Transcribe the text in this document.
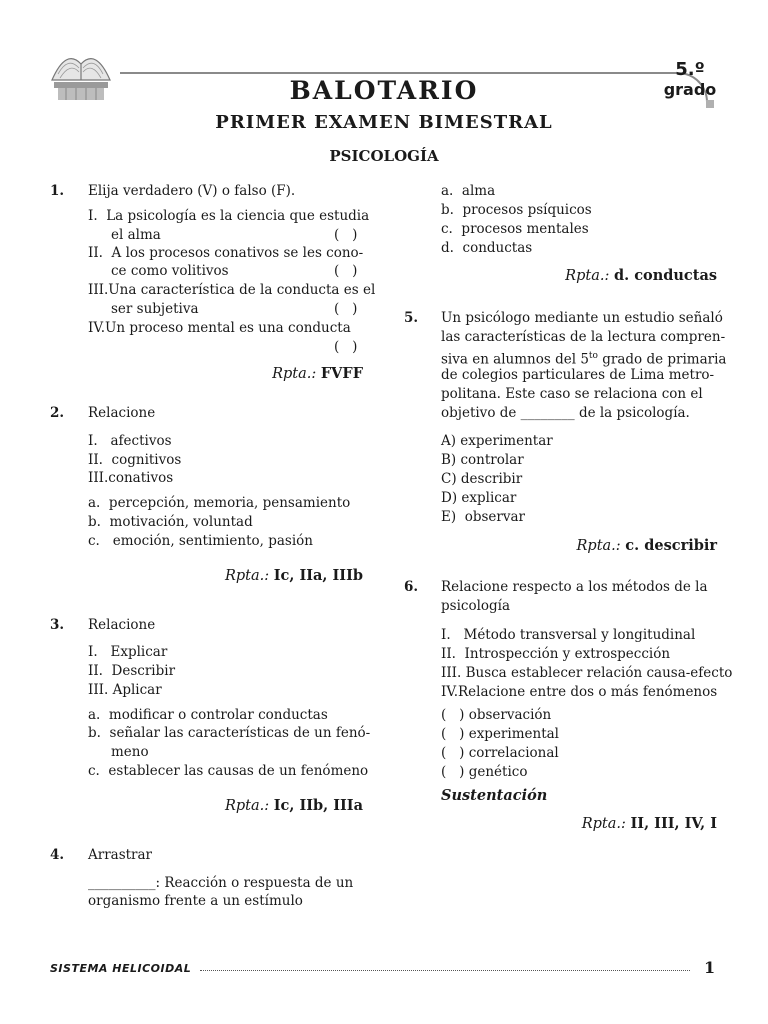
5.º
grado
BALOTARIO
PRIMER EXAMEN BIMESTRAL
PSICOLOGÍA
1. Elija verdadero (V) o falso (F).
I.  La psicología es la ciencia que estudia
el alma	(   )
II.  A los procesos conativos se les cono-
ce como volitivos	(   )
III.Una característica de la conducta es el
ser subjetiva	(   )
IV.Un proceso mental es una conducta
(   )
Rpta.: FVFF
2. Relacione
I.   afectivos
II.  cognitivos
III.conativos
a.  percepción, memoria, pensamiento
b.  motivación, voluntad
c.   emoción, sentimiento, pasión
Rpta.: Ic, IIa, IIIb
3. Relacione
I.   Explicar
II.  Describir
III. Aplicar
a.  modificar o controlar conductas
b.  señalar las características de un fenó-
meno
c.  establecer las causas de un fenómeno
Rpta.: Ic, IIb, IIIa
4. Arrastrar
__________: Reacción o respuesta de un
organismo frente a un estímulo
a.  alma
b.  procesos psíquicos
c.  procesos mentales
d.  conductas
Rpta.: d. conductas
5. Un psicólogo mediante un estudio señaló
las características de la lectura compren-
siva en alumnos del $5^{to}$ grado de primaria
de colegios particulares de Lima metro-
politana. Este caso se relaciona con el
objetivo de ________ de la psicología.
A) experimentar
B) controlar
C) describir
D) explicar
E)  observar
Rpta.: c. describir
6. Relacione respecto a los métodos de la
psicología
I.   Método transversal y longitudinal
II.  Introspección y extrospección
III. Busca establecer relación causa-efecto
IV.Relacione entre dos o más fenómenos
(   ) observación
(   ) experimental
(   ) correlacional
(   ) genético
Sustentación
Rpta.: II, III, IV, I
SISTEMA HELICOIDAL	1
